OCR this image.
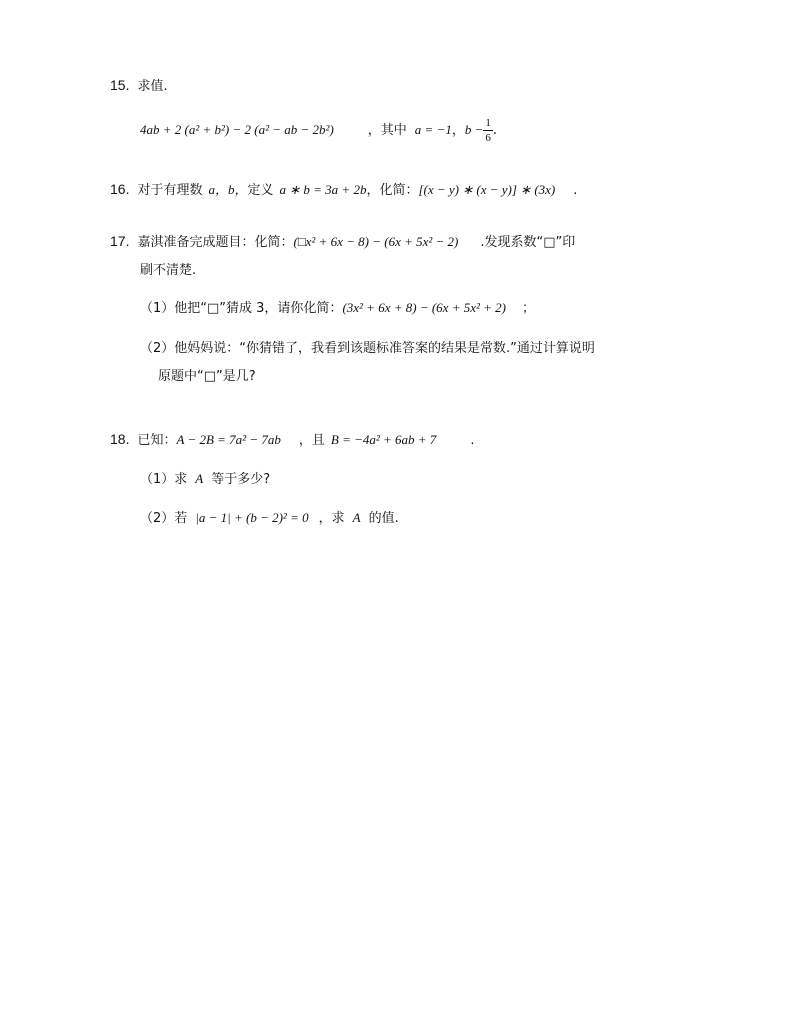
15. 求值.
4ab + 2 (a² + b²) − 2 (a² − ab − 2b²)	，其中 a = −1，$b - \frac{1}{6}$ .
16. 对于有理数 a，b，定义 a ∗ b = 3a + 2b，化简：[(x − y) ∗ (x − y)] ∗ (3x) .
17. 嘉淇准备完成题目：化简：(□x² + 6x − 8) − (6x + 5x² − 2) .发现系数“□”印
刷不清楚.
（1）他把“□”猜成 3，请你化简：(3x² + 6x + 8) − (6x + 5x² + 2) ；
（2）他妈妈说：“你猜错了，我看到该题标准答案的结果是常数.”通过计算说明
原题中“□”是几?
18. 已知：A − 2B = 7a² − 7ab ，且 B = −4a² + 6ab + 7	.
（1）求 A 等于多少?
（2）若 |a − 1| + (b − 2)² = 0 ，求 A 的值.
